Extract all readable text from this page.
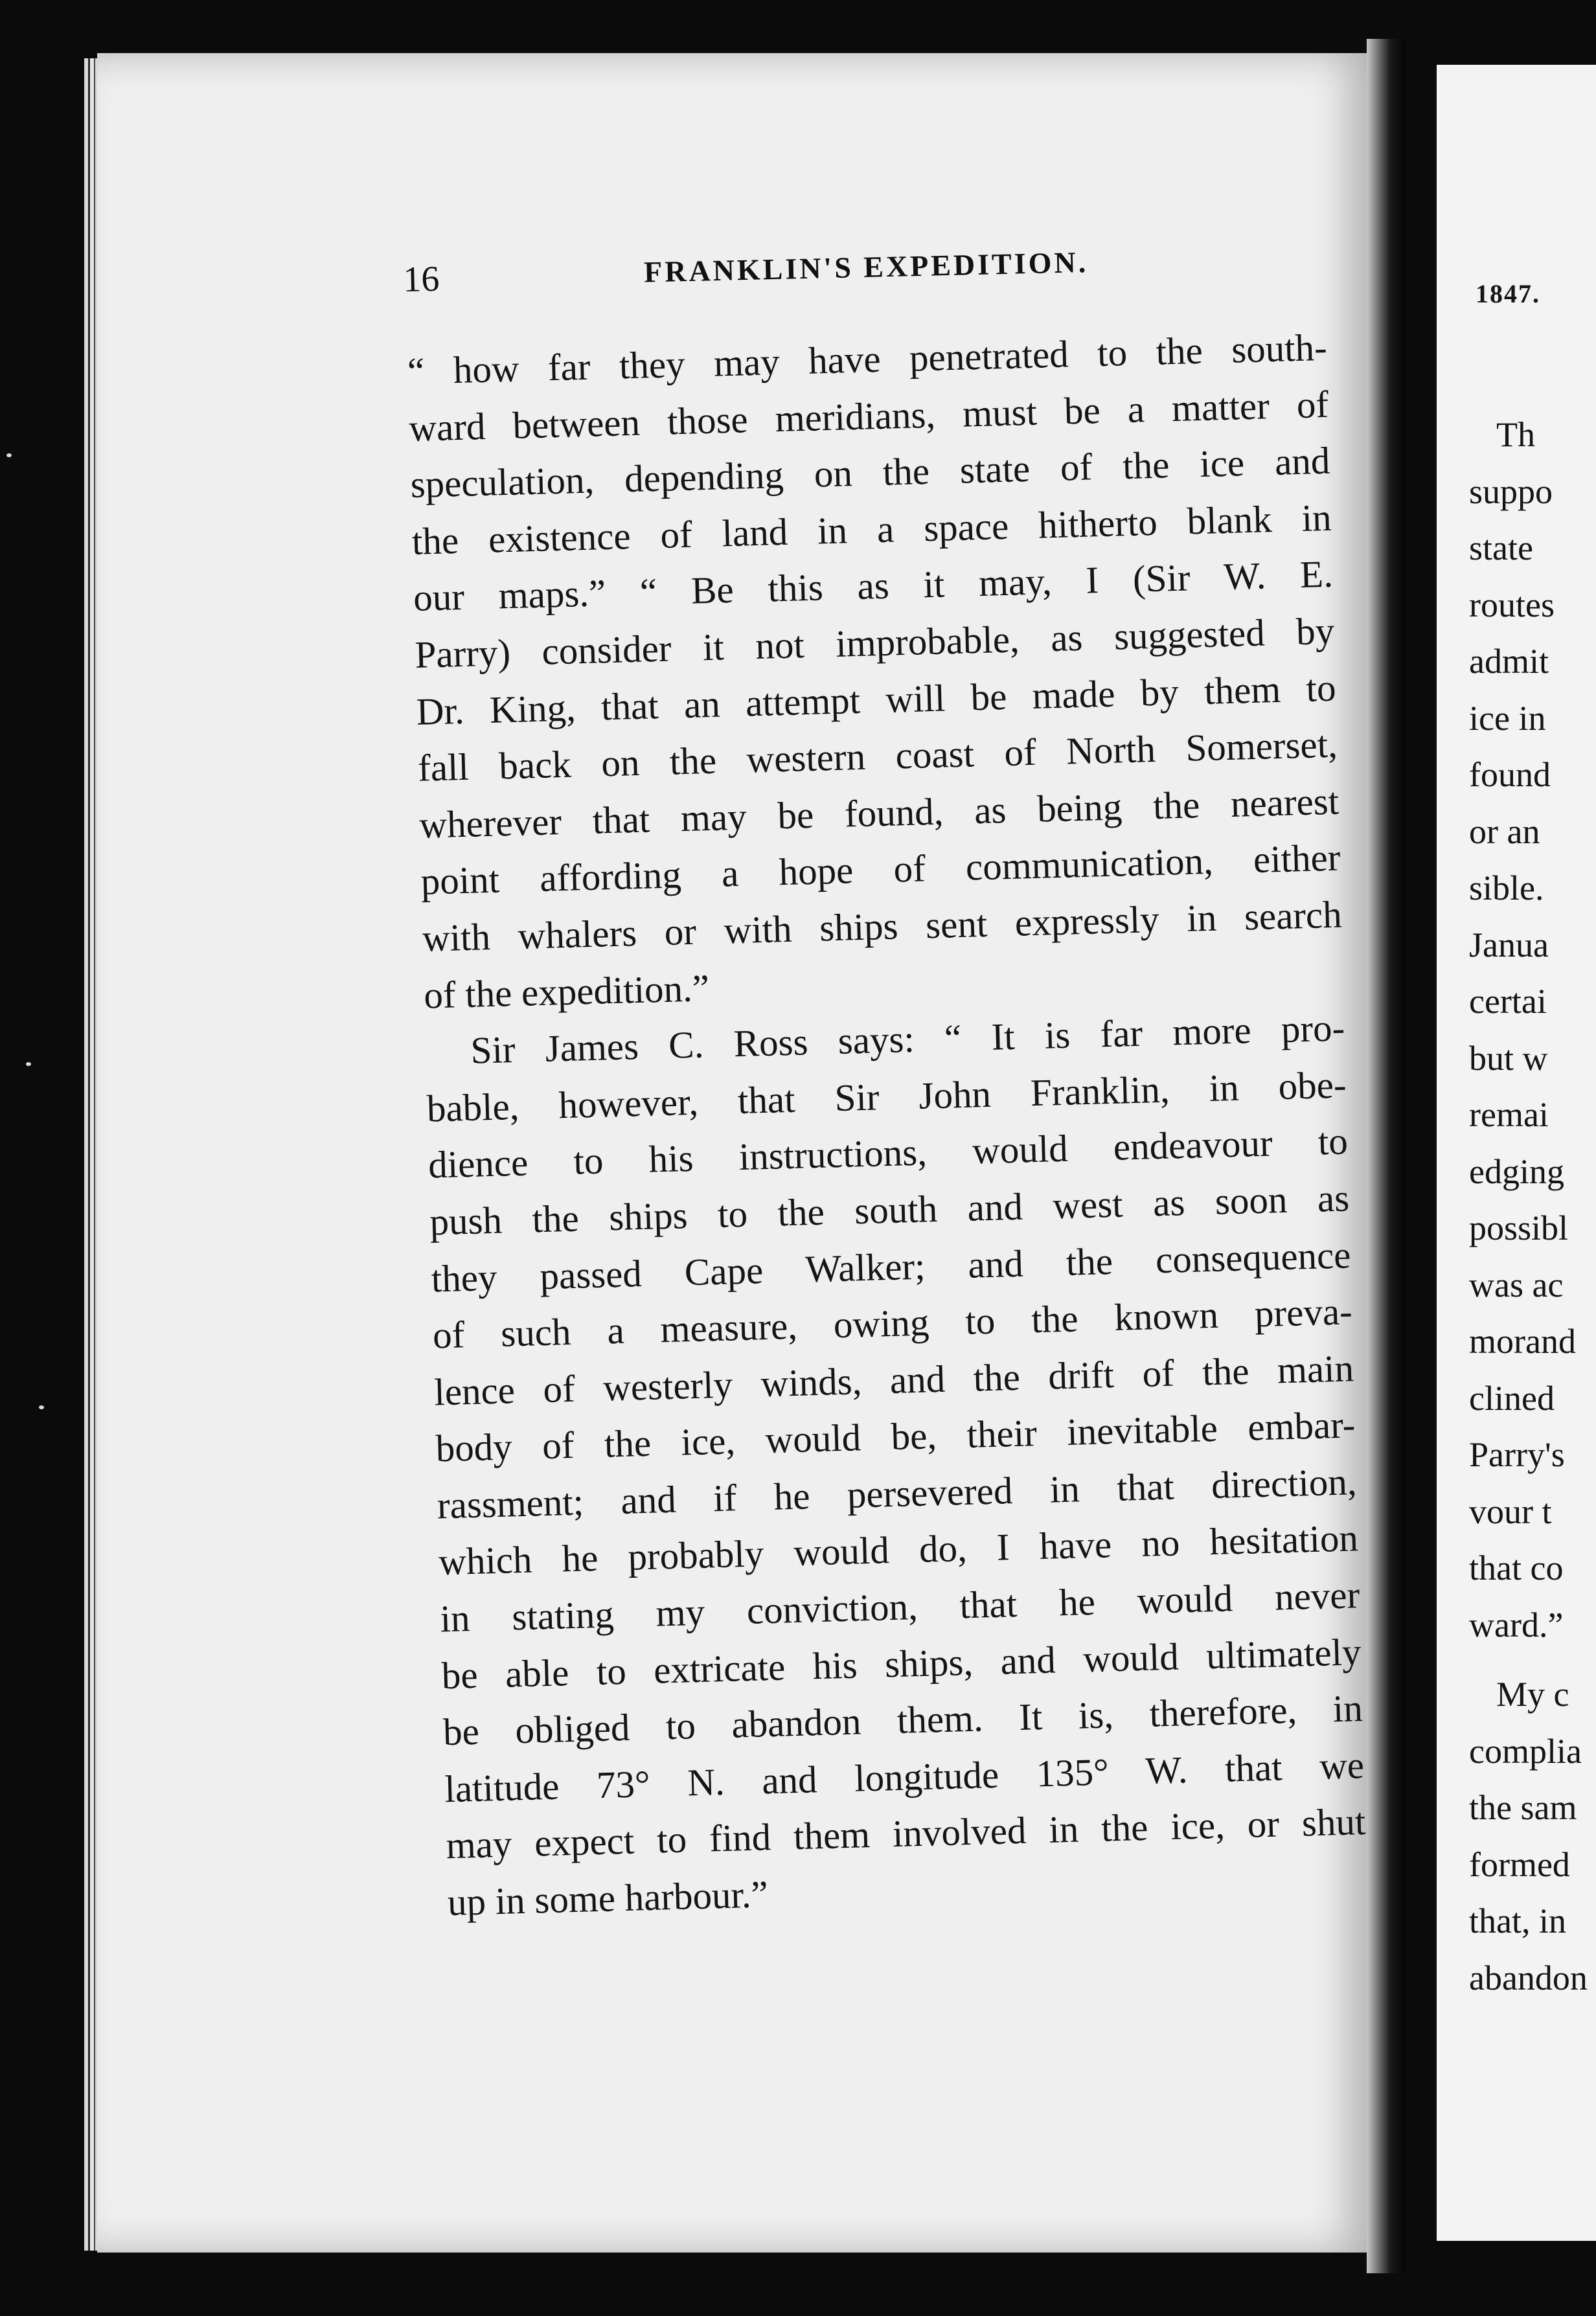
16	FRANKLIN'S EXPEDITION.
“ how far they may have penetrated to the south-
ward between those meridians, must be a matter of
speculation, depending on the state of the ice and
the existence of land in a space hitherto blank in
our maps.” “ Be this as it may, I (Sir W. E.
Parry) consider it not improbable, as suggested by
Dr. King, that an attempt will be made by them to
fall back on the western coast of North Somerset,
wherever that may be found, as being the nearest
point affording a hope of communication, either
with whalers or with ships sent expressly in search
of the expedition.”
Sir James C. Ross says: “ It is far more pro-
bable, however, that Sir John Franklin, in obe-
dience to his instructions, would endeavour to
push the ships to the south and west as soon as
they passed Cape Walker; and the consequence
of such a measure, owing to the known preva-
lence of westerly winds, and the drift of the main
body of the ice, would be, their inevitable embar-
rassment; and if he persevered in that direction,
which he probably would do, I have no hesitation
in stating my conviction, that he would never
be able to extricate his ships, and would ultimately
be obliged to abandon them. It is, therefore, in
latitude 73° N. and longitude 135° W. that we
may expect to find them involved in the ice, or shut
up in some harbour.”
1847.
Th
suppo
state
routes
admit
ice in
found
or an
sible.
Janua
certai
but w
remai
edging
possibl
was ac
morand
clined
Parry's
vour t
that co
ward.”
My c
complia
the sam
formed
that, in
abandon
